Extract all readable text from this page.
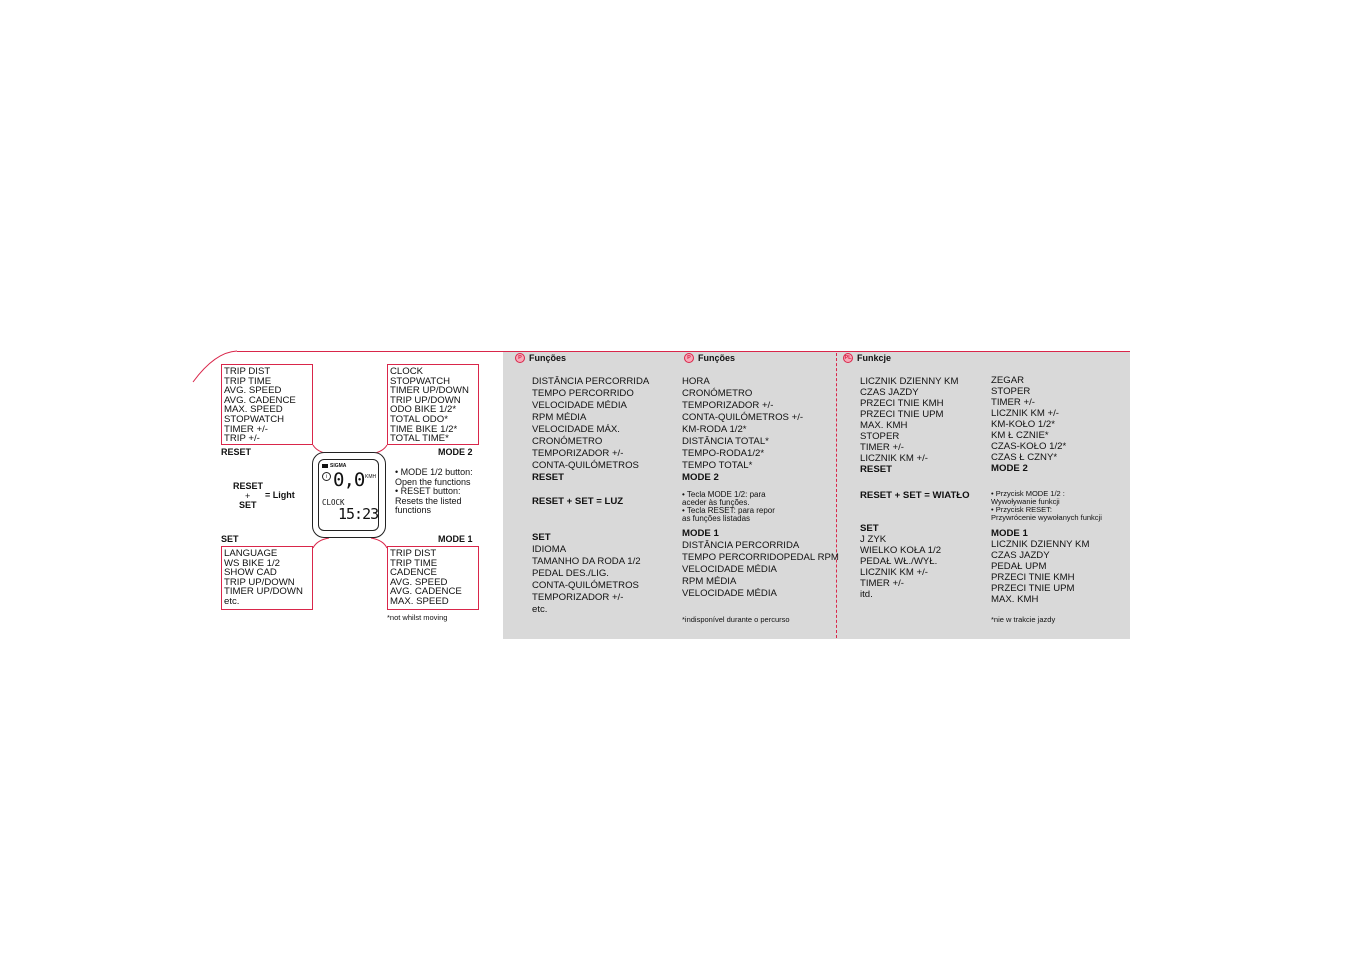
TRIP DIST
TRIP TIME
AVG. SPEED
AVG. CADENCE
MAX. SPEED
STOPWATCH
TIMER +/-
TRIP +/-
CLOCK
STOPWATCH
TIMER UP/DOWN
TRIP UP/DOWN
ODO BIKE 1/2*
TOTAL ODO*
TIME BIKE 1/2*
TOTAL TIME*
RESET	MODE 2
LANGUAGE
WS BIKE 1/2
SHOW CAD
TRIP UP/DOWN
TIMER UP/DOWN
etc.
TRIP DIST
TRIP TIME
CADENCE
AVG. SPEED
AVG. CADENCE
MAX. SPEED
SET	MODE 1
SIGMA
i 0,0 KMH
CLOCK
15:23
RESET
+
SET
= Light
• MODE 1/2 button:
Open the functions
• RESET button:
Resets the listed
functions
*not whilst moving
P Funções	P Funções
DISTÂNCIA PERCORRIDA
TEMPO PERCORRIDO
VELOCIDADE MÉDIA
RPM MÉDIA
VELOCIDADE MÁX.
CRONÓMETRO
TEMPORIZADOR +/-
CONTA-QUILÓMETROS
RESET
RESET + SET = LUZ
SET
IDIOMA
TAMANHO DA RODA 1/2
PEDAL DES./LIG.
CONTA-QUILÓMETROS
TEMPORIZADOR +/-
etc.
HORA
CRONÓMETRO
TEMPORIZADOR +/-
CONTA-QUILÓMETROS +/-
KM-RODA 1/2*
DISTÂNCIA TOTAL*
TEMPO-RODA1/2*
TEMPO TOTAL*
MODE 2
• Tecla MODE 1/2: para
aceder às funções.
• Tecla RESET: para repor
as funções listadas
MODE 1
DISTÂNCIA PERCORRIDA
TEMPO PERCORRIDOPEDAL RPM
VELOCIDADE MÉDIA
RPM MÉDIA
VELOCIDADE MÉDIA
*indisponível durante o percurso
PL Funkcje
LICZNIK DZIENNY KM
CZAS JAZDY
PRZECI TNIE KMH
PRZECI TNIE UPM
MAX. KMH
STOPER
TIMER +/-
LICZNIK KM +/-
RESET
RESET + SET = WIATŁO
SET
J ZYK
WIELKO KOŁA 1/2
PEDAŁ WŁ./WYŁ.
LICZNIK KM +/-
TIMER +/-
itd.
ZEGAR
STOPER
TIMER +/-
LICZNIK KM +/-
KM-KOŁO 1/2*
KM Ł CZNIE*
CZAS-KOŁO 1/2*
CZAS Ł CZNY*
MODE 2
• Przycisk MODE 1/2 :
Wywoływanie funkcji
• Przycisk RESET:
Przywrócenie wywołanych funkcji
MODE 1
LICZNIK DZIENNY KM
CZAS JAZDY
PEDAŁ UPM
PRZECI TNIE KMH
PRZECI TNIE UPM
MAX. KMH
*nie w trakcie jazdy
